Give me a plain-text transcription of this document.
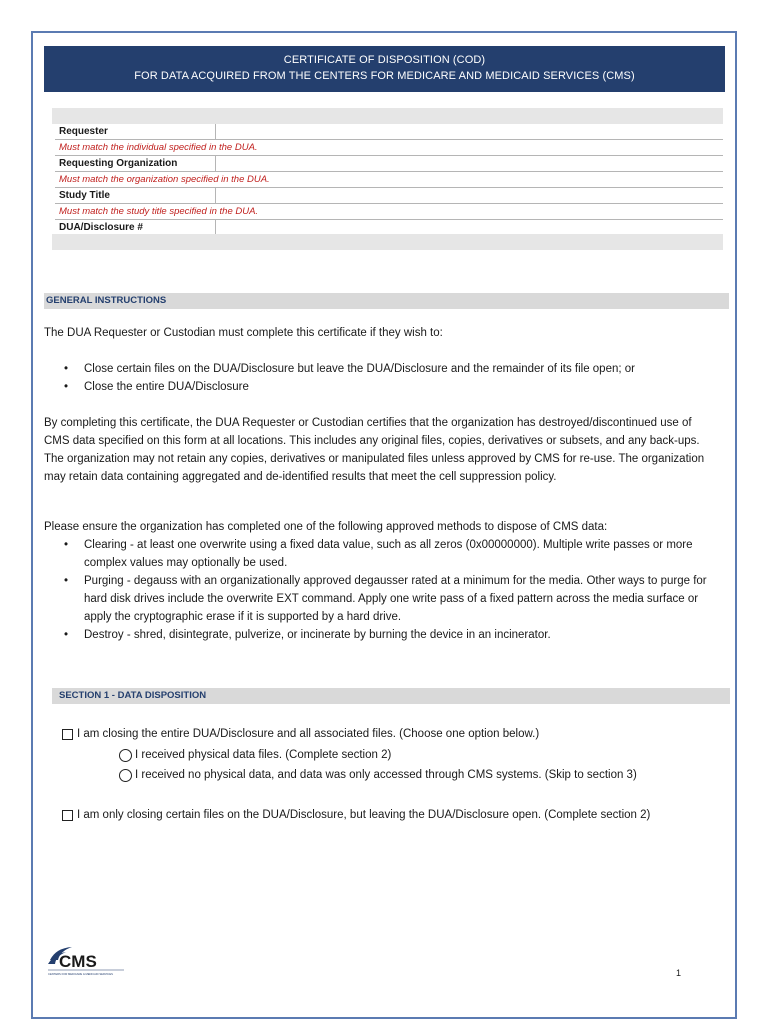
CERTIFICATE OF DISPOSITION (COD)
FOR DATA ACQUIRED FROM THE CENTERS FOR MEDICARE AND MEDICAID SERVICES (CMS)
Requester
Must match the individual specified in the DUA.
Requesting Organization
Must match the organization specified in the DUA.
Study Title
Must match the study title specified in the DUA.
DUA/Disclosure #
GENERAL INSTRUCTIONS
The DUA Requester or Custodian must complete this certificate if they wish to:
• Close certain files on the DUA/Disclosure but leave the DUA/Disclosure and the remainder of its file open; or
• Close the entire DUA/Disclosure
By completing this certificate, the DUA Requester or Custodian certifies that the organization has destroyed/discontinued use of CMS data specified on this form at all locations. This includes any original files, copies, derivatives or subsets, and any back-ups. The organization may not retain any copies, derivatives or manipulated files unless approved by CMS for re-use. The organization may retain data containing aggregated and de-identified results that meet the cell suppression policy.
Please ensure the organization has completed one of the following approved methods to dispose of CMS data:
• Clearing - at least one overwrite using a fixed data value, such as all zeros (0x00000000). Multiple write passes or more complex values may optionally be used.
• Purging - degauss with an organizationally approved degausser rated at a minimum for the media. Other ways to purge for hard disk drives include the overwrite EXT command. Apply one write pass of a fixed pattern across the media surface or apply the cryptographic erase if it is supported by a hard drive.
• Destroy - shred, disintegrate, pulverize, or incinerate by burning the device in an incinerator.
SECTION 1 - DATA DISPOSITION
I am closing the entire DUA/Disclosure and all associated files. (Choose one option below.)
I received physical data files. (Complete section 2)
I received no physical data, and data was only accessed through CMS systems. (Skip to section 3)
I am only closing certain files on the DUA/Disclosure, but leaving the DUA/Disclosure open. (Complete section 2)
CMS
CENTERS FOR MEDICARE & MEDICAID SERVICES	1
